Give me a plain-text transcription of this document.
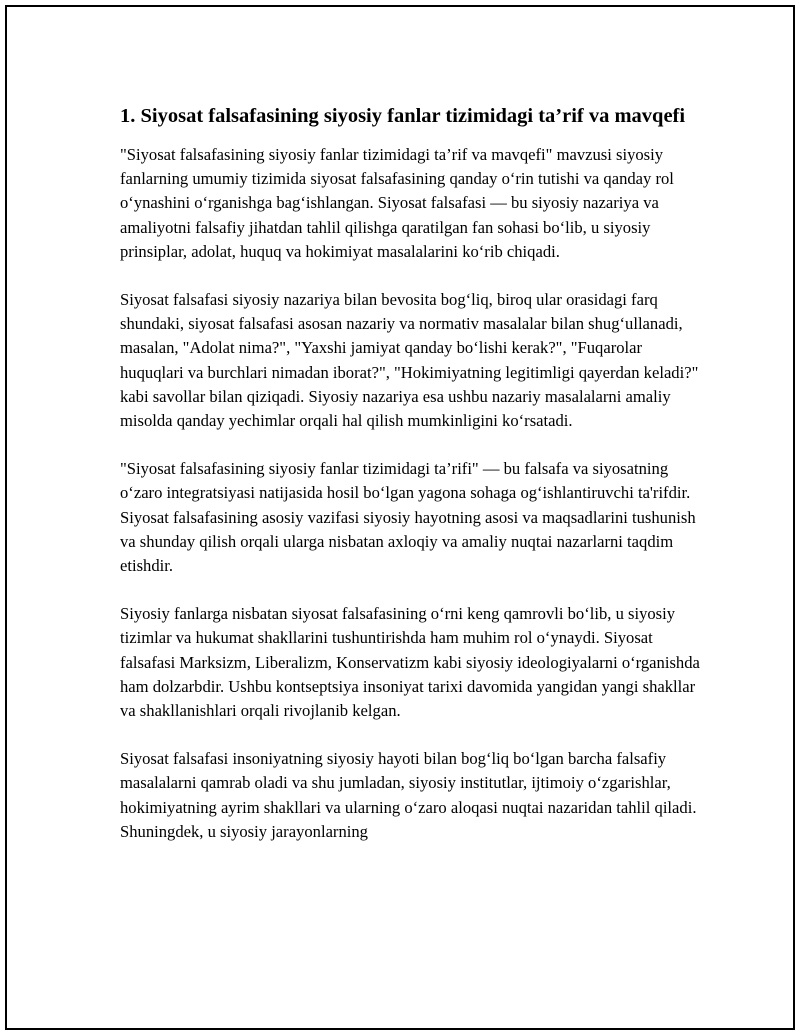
1. Siyosat falsafasining siyosiy fanlar tizimidagi ta’rif va mavqefi

"Siyosat falsafasining siyosiy fanlar tizimidagi ta’rif va mavqefi" mavzusi siyosiy fanlarning umumiy tizimida siyosat falsafasining qanday o‘rin tutishi va qanday rol o‘ynashini o‘rganishga bag‘ishlangan. Siyosat falsafasi — bu siyosiy nazariya va amaliyotni falsafiy jihatdan tahlil qilishga qaratilgan fan sohasi bo‘lib, u siyosiy prinsiplar, adolat, huquq va hokimiyat masalalarini ko‘rib chiqadi.

Siyosat falsafasi siyosiy nazariya bilan bevosita bog‘liq, biroq ular orasidagi farq shundaki, siyosat falsafasi asosan nazariy va normativ masalalar bilan shug‘ullanadi, masalan, "Adolat nima?", "Yaxshi jamiyat qanday bo‘lishi kerak?", "Fuqarolar huquqlari va burchlari nimadan iborat?", "Hokimiyatning legitimligi qayerdan keladi?" kabi savollar bilan qiziqadi. Siyosiy nazariya esa ushbu nazariy masalalarni amaliy misolda qanday yechimlar orqali hal qilish mumkinligini ko‘rsatadi.

"Siyosat falsafasining siyosiy fanlar tizimidagi ta’rifi" — bu falsafa va siyosatning o‘zaro integratsiyasi natijasida hosil bo‘lgan yagona sohaga og‘ishlantiruvchi ta'rifdir. Siyosat falsafasining asosiy vazifasi siyosiy hayotning asosi va maqsadlarini tushunish va shunday qilish orqali ularga nisbatan axloqiy va amaliy nuqtai nazarlarni taqdim etishdir.

Siyosiy fanlarga nisbatan siyosat falsafasining o‘rni keng qamrovli bo‘lib, u siyosiy tizimlar va hukumat shakllarini tushuntirishda ham muhim rol o‘ynaydi. Siyosat falsafasi Marksizm, Liberalizm, Konservatizm kabi siyosiy ideologiyalarni o‘rganishda ham dolzarbdir. Ushbu kontseptsiya insoniyat tarixi davomida yangidan yangi shakllar va shakllanishlari orqali rivojlanib kelgan.

Siyosat falsafasi insoniyatning siyosiy hayoti bilan bog‘liq bo‘lgan barcha falsafiy masalalarni qamrab oladi va shu jumladan, siyosiy institutlar, ijtimoiy o‘zgarishlar, hokimiyatning ayrim shakllari va ularning o‘zaro aloqasi nuqtai nazaridan tahlil qiladi. Shuningdek, u siyosiy jarayonlarning
